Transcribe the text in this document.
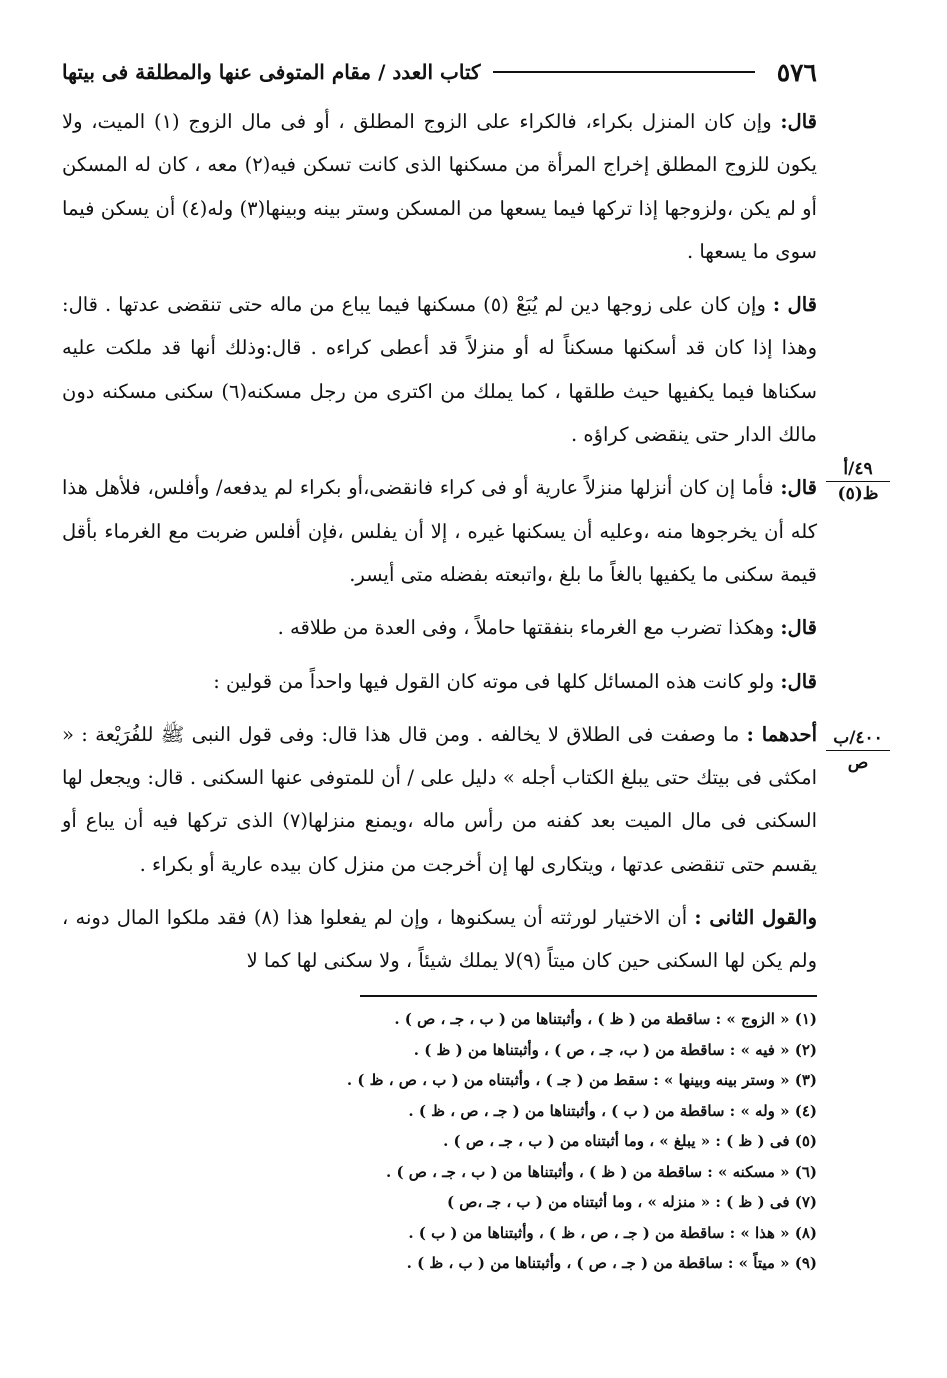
٥٧٦
كتاب العدد / مقام المتوفى عنها والمطلقة فى بيتها
٤٩/أ
ظ(٥)
٤٠٠/ب
ص

قال: وإن كان المنزل بكراء، فالكراء على الزوج المطلق ، أو فى مال الزوج (١) الميت، ولا يكون للزوج المطلق إخراج المرأة من مسكنها الذى كانت تسكن فيه(٢) معه ، كان له المسكن أو لم يكن ،ولزوجها إذا تركها فيما يسعها من المسكن وستر بينه وبينها(٣) وله(٤) أن يسكن فيما سوى ما يسعها .

قال : وإن كان على زوجها دين لم يُبَعْ (٥) مسكنها فيما يباع من ماله حتى تنقضى عدتها . قال: وهذا إذا كان قد أسكنها مسكناً له أو منزلاً قد أعطى كراءه . قال:وذلك أنها قد ملكت عليه سكناها فيما يكفيها حيث طلقها ، كما يملك من اكترى من رجل مسكنه(٦) سكنى مسكنه دون مالك الدار حتى ينقضى كراؤه .

قال: فأما إن كان أنزلها منزلاً عارية أو فى كراء فانقضى،أو بكراء لم يدفعه/ وأفلس، فلأهل هذا كله أن يخرجوها منه ،وعليه أن يسكنها غيره ، إلا أن يفلس ،فإن أفلس ضربت مع الغرماء بأقل قيمة سكنى ما يكفيها بالغاً ما بلغ ،واتبعته بفضله متى أيسر.

قال: وهكذا تضرب مع الغرماء بنفقتها حاملاً ، وفى العدة من طلاقه .

قال: ولو كانت هذه المسائل كلها فى موته كان القول فيها واحداً من قولين :

أحدهما : ما وصفت فى الطلاق لا يخالفه . ومن قال هذا قال: وفى قول النبى ﷺ للفُرَيْعة : « امكثى فى بيتك حتى يبلغ الكتاب أجله » دليل على / أن للمتوفى عنها السكنى . قال: ويجعل لها السكنى فى مال الميت بعد كفنه من رأس ماله ،ويمنع منزلها(٧) الذى تركها فيه أن يباع أو يقسم حتى تنقضى عدتها ، ويتكارى لها إن أخرجت من منزل كان بيده عارية أو بكراء .

والقول الثانى : أن الاختيار لورثته أن يسكنوها ، وإن لم يفعلوا هذا (٨) فقد ملكوا المال دونه ، ولم يكن لها السكنى حين كان ميتاً (٩)لا يملك شيئاً ، ولا سكنى لها كما لا

(١) « الزوج » : ساقطة من ( ظ ) ، وأثبتناها من ( ب ، جـ ، ص ) .
(٢) « فيه » : ساقطة من ( ب، جـ ، ص ) ، وأثبتناها من ( ظ ) .
(٣) « وستر بينه وبينها » : سقط من ( جـ ) ، وأثبتناه من ( ب ، ص ، ظ ) .
(٤) « وله » : ساقطة من ( ب ) ، وأثبتناها من ( جـ ، ص ، ظ ) .
(٥) فى ( ظ ) : « يبلغ » ، وما أثبتناه من ( ب ، جـ ، ص ) .
(٦) « مسكنه » : ساقطة من ( ظ ) ، وأثبتناها من ( ب ، جـ ، ص ) .
(٧) فى ( ظ ) : « منزله » ، وما أثبتناه من ( ب ، جـ ،ص )
(٨) « هذا » : ساقطة من ( جـ ، ص ، ظ ) ، وأثبتناها من ( ب ) .
(٩) « ميتاً » : ساقطة من ( جـ ، ص ) ، وأثبتناها من ( ب ، ظ ) .
